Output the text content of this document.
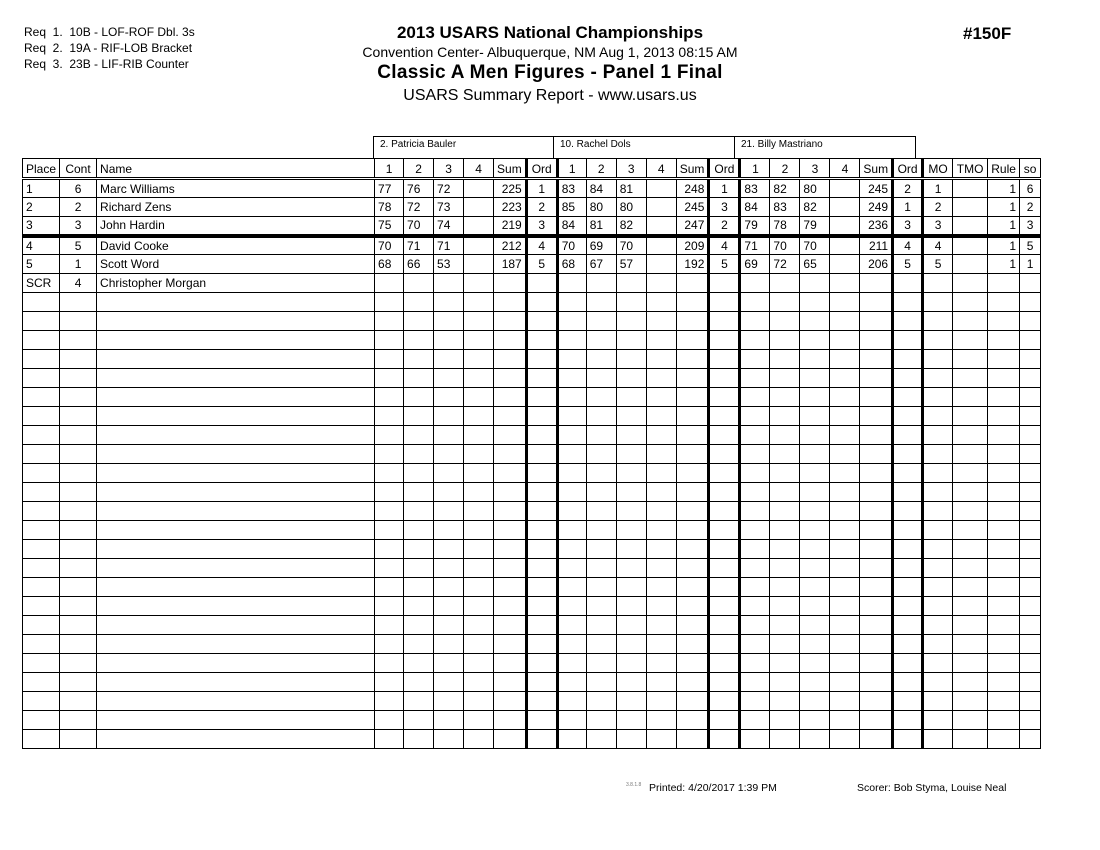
Req  1.  10B - LOF-ROF Dbl. 3s
Req  2.  19A - RIF-LOB Bracket
Req  3.  23B - LIF-RIB Counter
2013 USARS National Championships
Convention Center- Albuquerque, NM Aug 1, 2013 08:15 AM
Classic A Men Figures - Panel 1 Final
USARS Summary Report - www.usars.us
#150F
2. Patricia Bauler	10. Rachel Dols	21. Billy Mastriano
Place	Cont	Name	1	2	3	4	Sum	Ord	1	2	3	4	Sum	Ord	1	2	3	4	Sum	Ord	MO	TMO	Rule	so
1	6	Marc Williams	77	76	72		225	1	83	84	81		248	1	83	82	80		245	2	1		1	6
2	2	Richard Zens	78	72	73		223	2	85	80	80		245	3	84	83	82		249	1	2		1	2
3	3	John Hardin	75	70	74		219	3	84	81	82		247	2	79	78	79		236	3	3		1	3
4	5	David Cooke	70	71	71		212	4	70	69	70		209	4	71	70	70		211	4	4		1	5
5	1	Scott Word	68	66	53		187	5	68	67	57		192	5	69	72	65		206	5	5		1	1
SCR	4	Christopher Morgan																						

3.8.1.8 Printed: 4/20/2017 1:39 PM	Scorer: Bob Styma, Louise Neal
